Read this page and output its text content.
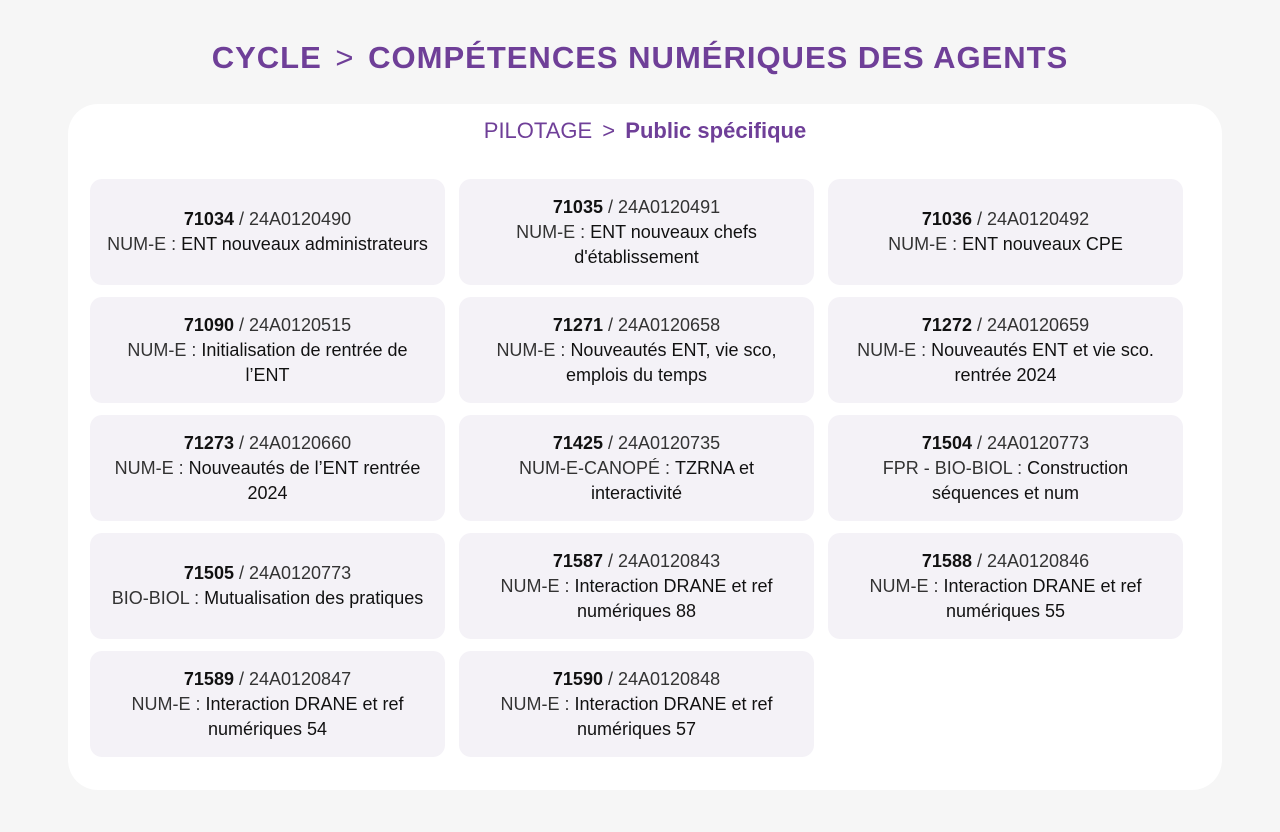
CYCLE > COMPÉTENCES NUMÉRIQUES DES AGENTS
PILOTAGE > Public spécifique
71034 / 24A0120490
NUM-E : ENT nouveaux administrateurs
71035 / 24A0120491
NUM-E : ENT nouveaux chefs d'établissement
71036 / 24A0120492
NUM-E : ENT nouveaux CPE
71090 / 24A0120515
NUM-E : Initialisation de rentrée de l’ENT
71271 / 24A0120658
NUM-E : Nouveautés ENT, vie sco, emplois du temps
71272 / 24A0120659
NUM-E : Nouveautés ENT et vie sco. rentrée 2024
71273 / 24A0120660
NUM-E : Nouveautés de l’ENT rentrée 2024
71425 / 24A0120735
NUM-E-CANOPÉ : TZRNA et interactivité
71504 / 24A0120773
FPR - BIO-BIOL : Construction séquences et num
71505 / 24A0120773
BIO-BIOL : Mutualisation des pratiques
71587 / 24A0120843
NUM-E : Interaction DRANE et ref numériques 88
71588 / 24A0120846
NUM-E : Interaction DRANE et ref numériques 55
71589 / 24A0120847
NUM-E : Interaction DRANE et ref numériques 54
71590 / 24A0120848
NUM-E : Interaction DRANE et ref numériques 57
